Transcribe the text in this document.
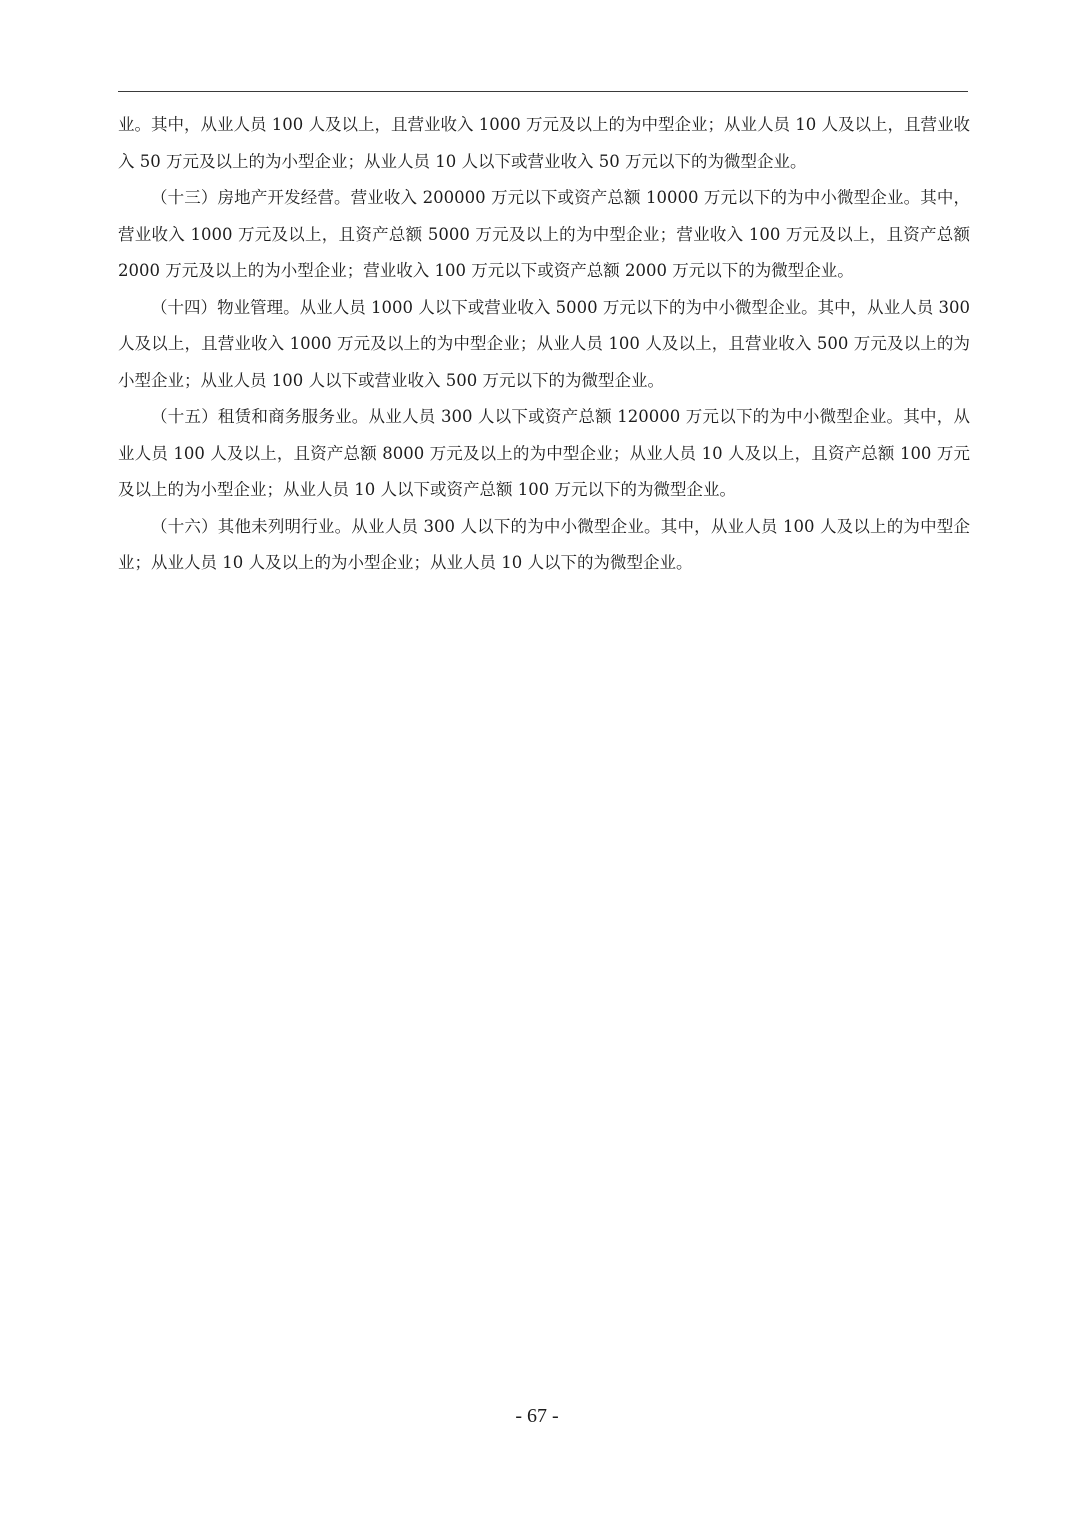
业。其中，从业人员 100 人及以上，且营业收入 1000 万元及以上的为中型企业；从业人员 10 人及以上，且营业收入 50 万元及以上的为小型企业；从业人员 10 人以下或营业收入 50 万元以下的为微型企业。

（十三）房地产开发经营。营业收入 200000 万元以下或资产总额 10000 万元以下的为中小微型企业。其中，营业收入 1000 万元及以上，且资产总额 5000 万元及以上的为中型企业；营业收入 100 万元及以上，且资产总额 2000 万元及以上的为小型企业；营业收入 100 万元以下或资产总额 2000 万元以下的为微型企业。

（十四）物业管理。从业人员 1000 人以下或营业收入 5000 万元以下的为中小微型企业。其中，从业人员 300 人及以上，且营业收入 1000 万元及以上的为中型企业；从业人员 100 人及以上，且营业收入 500 万元及以上的为小型企业；从业人员 100 人以下或营业收入 500 万元以下的为微型企业。

（十五）租赁和商务服务业。从业人员 300 人以下或资产总额 120000 万元以下的为中小微型企业。其中，从业人员 100 人及以上，且资产总额 8000 万元及以上的为中型企业；从业人员 10 人及以上，且资产总额 100 万元及以上的为小型企业；从业人员 10 人以下或资产总额 100 万元以下的为微型企业。

（十六）其他未列明行业。从业人员 300 人以下的为中小微型企业。其中，从业人员 100 人及以上的为中型企业；从业人员 10 人及以上的为小型企业；从业人员 10 人以下的为微型企业。

- 67 -
